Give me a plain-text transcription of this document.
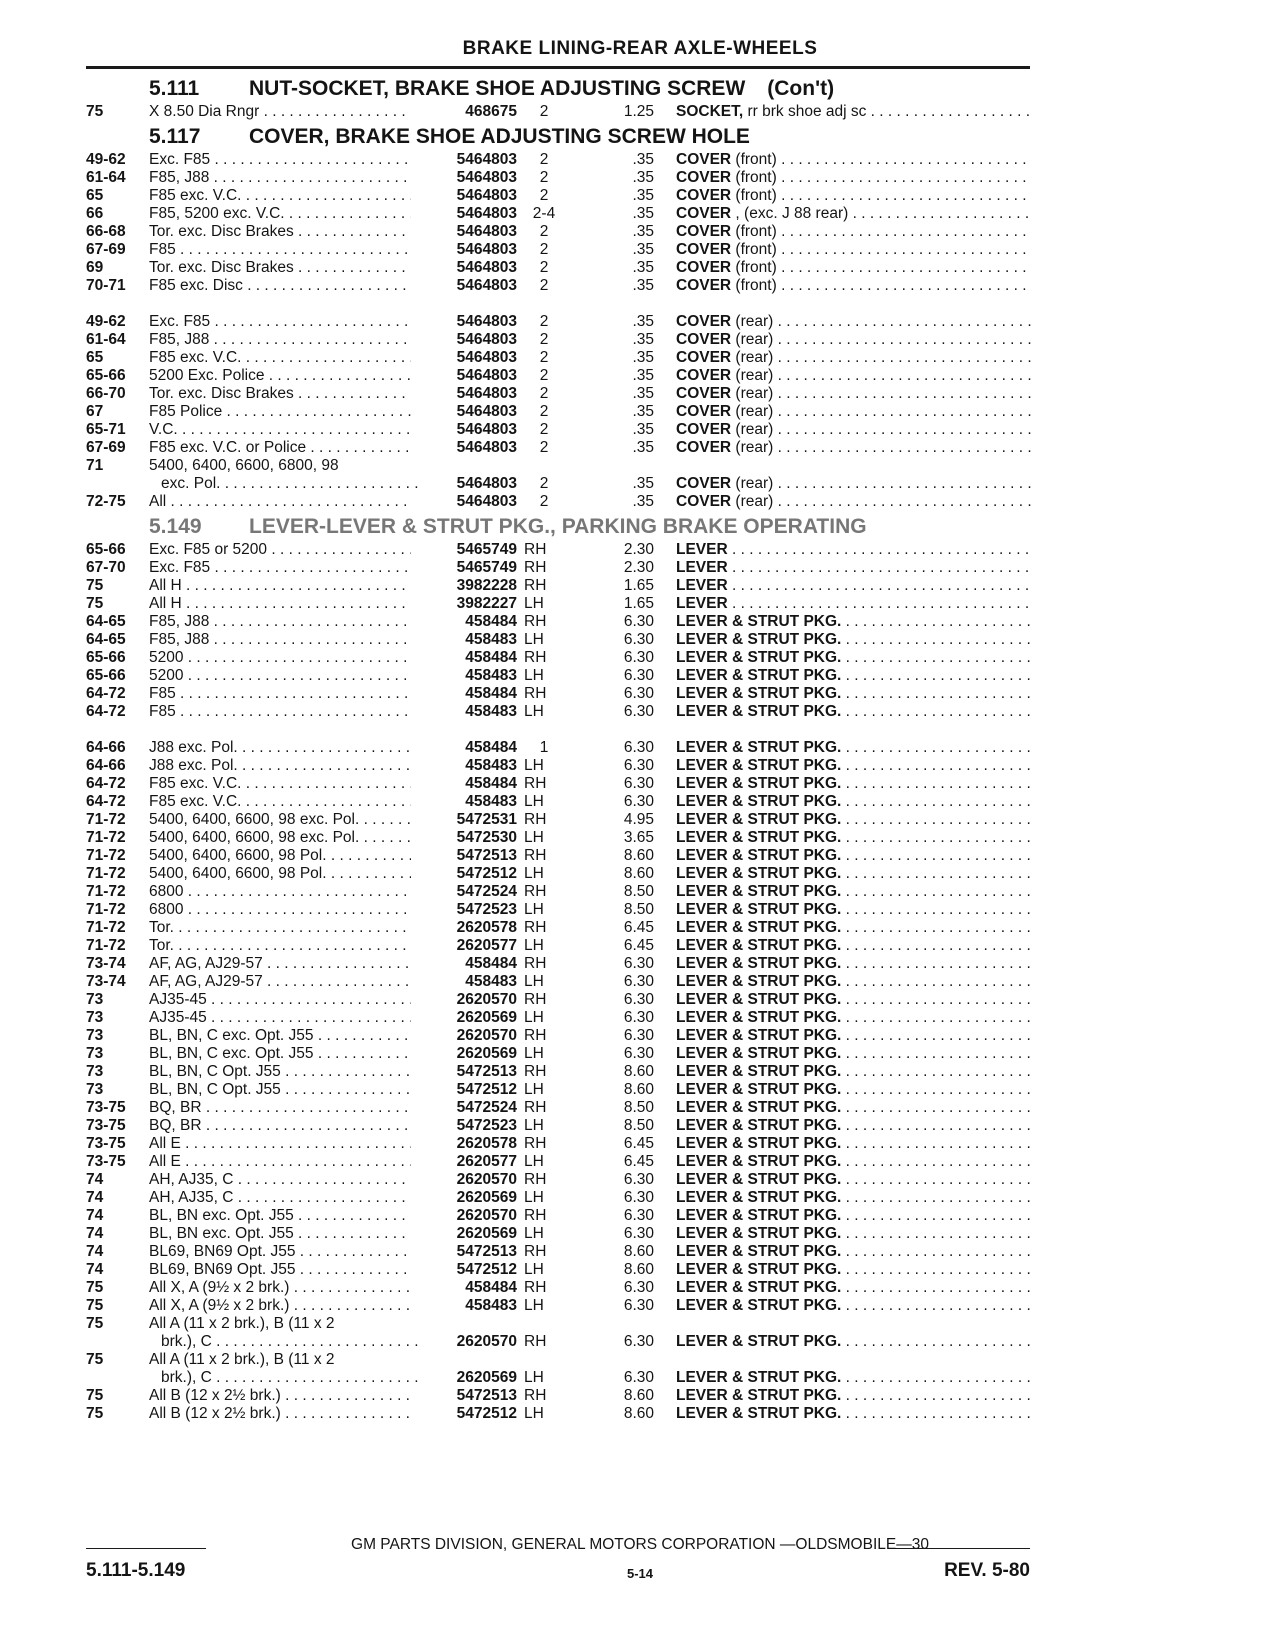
BRAKE LINING-REAR AXLE-WHEELS
5.111 NUT-SOCKET, BRAKE SHOE ADJUSTING SCREW (Con't)
75	X 8.50 Dia Rngr . . .	468675	2	1.25 SOCKET, rr brk shoe adj sc . . .
5.117 COVER, BRAKE SHOE ADJUSTING SCREW HOLE
49-62	Exc. F85 . . .	5464803	2	.35 COVER (front) . . .
61-64	F85, J88 . . .	5464803	2	.35 COVER (front) . . .
65	F85 exc. V.C. . . .	5464803	2	.35 COVER (front) . . .
66	F85, 5200 exc. V.C. . . .	5464803	2-4	.35 COVER , (exc. J 88 rear) . . .
66-68	Tor. exc. Disc Brakes . . .	5464803	2	.35 COVER (front) . . .
67-69	F85 . . .	5464803	2	.35 COVER (front) . . .
69	Tor. exc. Disc Brakes . . .	5464803	2	.35 COVER (front) . . .
70-71	F85 exc. Disc . . .	5464803	2	.35 COVER (front) . . .
49-62	Exc. F85 . . .	5464803	2	.35 COVER (rear) . . .
61-64	F85, J88 . . .	5464803	2	.35 COVER (rear) . . .
65	F85 exc. V.C. . . .	5464803	2	.35 COVER (rear) . . .
65-66	5200 Exc. Police . . .	5464803	2	.35 COVER (rear) . . .
66-70	Tor. exc. Disc Brakes . . .	5464803	2	.35 COVER (rear) . . .
67	F85 Police . . .	5464803	2	.35 COVER (rear) . . .
65-71	V.C. . . .	5464803	2	.35 COVER (rear) . . .
67-69	F85 exc. V.C. or Police . . .	5464803	2	.35 COVER (rear) . . .
71	5400, 6400, 6600, 6800, 98
exc. Pol. . . .	5464803	2	.35 COVER (rear) . . .
72-75	All . . .	5464803	2	.35 COVER (rear) . . .
5.149 LEVER-LEVER & STRUT PKG., PARKING BRAKE OPERATING
65-66	Exc. F85 or 5200 . . .	5465749 RH	2.30 LEVER . . .
67-70	Exc. F85 . . .	5465749 RH	2.30 LEVER . . .
75	All H . . .	3982228 RH	1.65 LEVER . . .
75	All H . . .	3982227 LH	1.65 LEVER . . .
64-65	F85, J88 . . .	458484 RH	6.30 LEVER & STRUT PKG. . . .
64-65	F85, J88 . . .	458483 LH	6.30 LEVER & STRUT PKG. . . .
65-66	5200 . . .	458484 RH	6.30 LEVER & STRUT PKG. . . .
65-66	5200 . . .	458483 LH	6.30 LEVER & STRUT PKG. . . .
64-72	F85 . . .	458484 RH	6.30 LEVER & STRUT PKG. . . .
64-72	F85 . . .	458483 LH	6.30 LEVER & STRUT PKG. . . .
64-66	J88 exc. Pol. . . .	458484	1	6.30 LEVER & STRUT PKG. . . .
64-66	J88 exc. Pol. . . .	458483 LH	6.30 LEVER & STRUT PKG. . . .
64-72	F85 exc. V.C. . . .	458484 RH	6.30 LEVER & STRUT PKG. . . .
64-72	F85 exc. V.C. . . .	458483 LH	6.30 LEVER & STRUT PKG. . . .
71-72	5400, 6400, 6600, 98 exc. Pol. . . .	5472531 RH	4.95 LEVER & STRUT PKG. . . .
71-72	5400, 6400, 6600, 98 exc. Pol. . . .	5472530 LH	3.65 LEVER & STRUT PKG. . . .
71-72	5400, 6400, 6600, 98 Pol. . . .	5472513 RH	8.60 LEVER & STRUT PKG. . . .
71-72	5400, 6400, 6600, 98 Pol. . . .	5472512 LH	8.60 LEVER & STRUT PKG. . . .
71-72	6800 . . .	5472524 RH	8.50 LEVER & STRUT PKG. . . .
71-72	6800 . . .	5472523 LH	8.50 LEVER & STRUT PKG. . . .
71-72	Tor. . . .	2620578 RH	6.45 LEVER & STRUT PKG. . . .
71-72	Tor. . . .	2620577 LH	6.45 LEVER & STRUT PKG. . . .
73-74	AF, AG, AJ29-57 . . .	458484 RH	6.30 LEVER & STRUT PKG. . . .
73-74	AF, AG, AJ29-57 . . .	458483 LH	6.30 LEVER & STRUT PKG. . . .
73	AJ35-45 . . .	2620570 RH	6.30 LEVER & STRUT PKG. . . .
73	AJ35-45 . . .	2620569 LH	6.30 LEVER & STRUT PKG. . . .
73	BL, BN, C exc. Opt. J55 . . .	2620570 RH	6.30 LEVER & STRUT PKG. . . .
73	BL, BN, C exc. Opt. J55 . . .	2620569 LH	6.30 LEVER & STRUT PKG. . . .
73	BL, BN, C Opt. J55 . . .	5472513 RH	8.60 LEVER & STRUT PKG. . . .
73	BL, BN, C Opt. J55 . . .	5472512 LH	8.60 LEVER & STRUT PKG. . . .
73-75	BQ, BR . . .	5472524 RH	8.50 LEVER & STRUT PKG. . . .
73-75	BQ, BR . . .	5472523 LH	8.50 LEVER & STRUT PKG. . . .
73-75	All E . . .	2620578 RH	6.45 LEVER & STRUT PKG. . . .
73-75	All E . . .	2620577 LH	6.45 LEVER & STRUT PKG. . . .
74	AH, AJ35, C . . .	2620570 RH	6.30 LEVER & STRUT PKG. . . .
74	AH, AJ35, C . . .	2620569 LH	6.30 LEVER & STRUT PKG. . . .
74	BL, BN exc. Opt. J55 . . .	2620570 RH	6.30 LEVER & STRUT PKG. . . .
74	BL, BN exc. Opt. J55 . . .	2620569 LH	6.30 LEVER & STRUT PKG. . . .
74	BL69, BN69 Opt. J55 . . .	5472513 RH	8.60 LEVER & STRUT PKG. . . .
74	BL69, BN69 Opt. J55 . . .	5472512 LH	8.60 LEVER & STRUT PKG. . . .
75	All X, A (9½ x 2 brk.) . . .	458484 RH	6.30 LEVER & STRUT PKG. . . .
75	All X, A (9½ x 2 brk.) . . .	458483 LH	6.30 LEVER & STRUT PKG. . . .
75	All A (11 x 2 brk.), B (11 x 2
brk.), C . . .	2620570 RH	6.30 LEVER & STRUT PKG. . . .
75	All A (11 x 2 brk.), B (11 x 2
brk.), C . . .	2620569 LH	6.30 LEVER & STRUT PKG. . . .
75	All B (12 x 2½ brk.) . . .	5472513 RH	8.60 LEVER & STRUT PKG. . . .
75	All B (12 x 2½ brk.) . . .	5472512 LH	8.60 LEVER & STRUT PKG. . . .
GM PARTS DIVISION, GENERAL MOTORS CORPORATION —OLDSMOBILE—30
5.111-5.149	5-14	REV. 5-80
